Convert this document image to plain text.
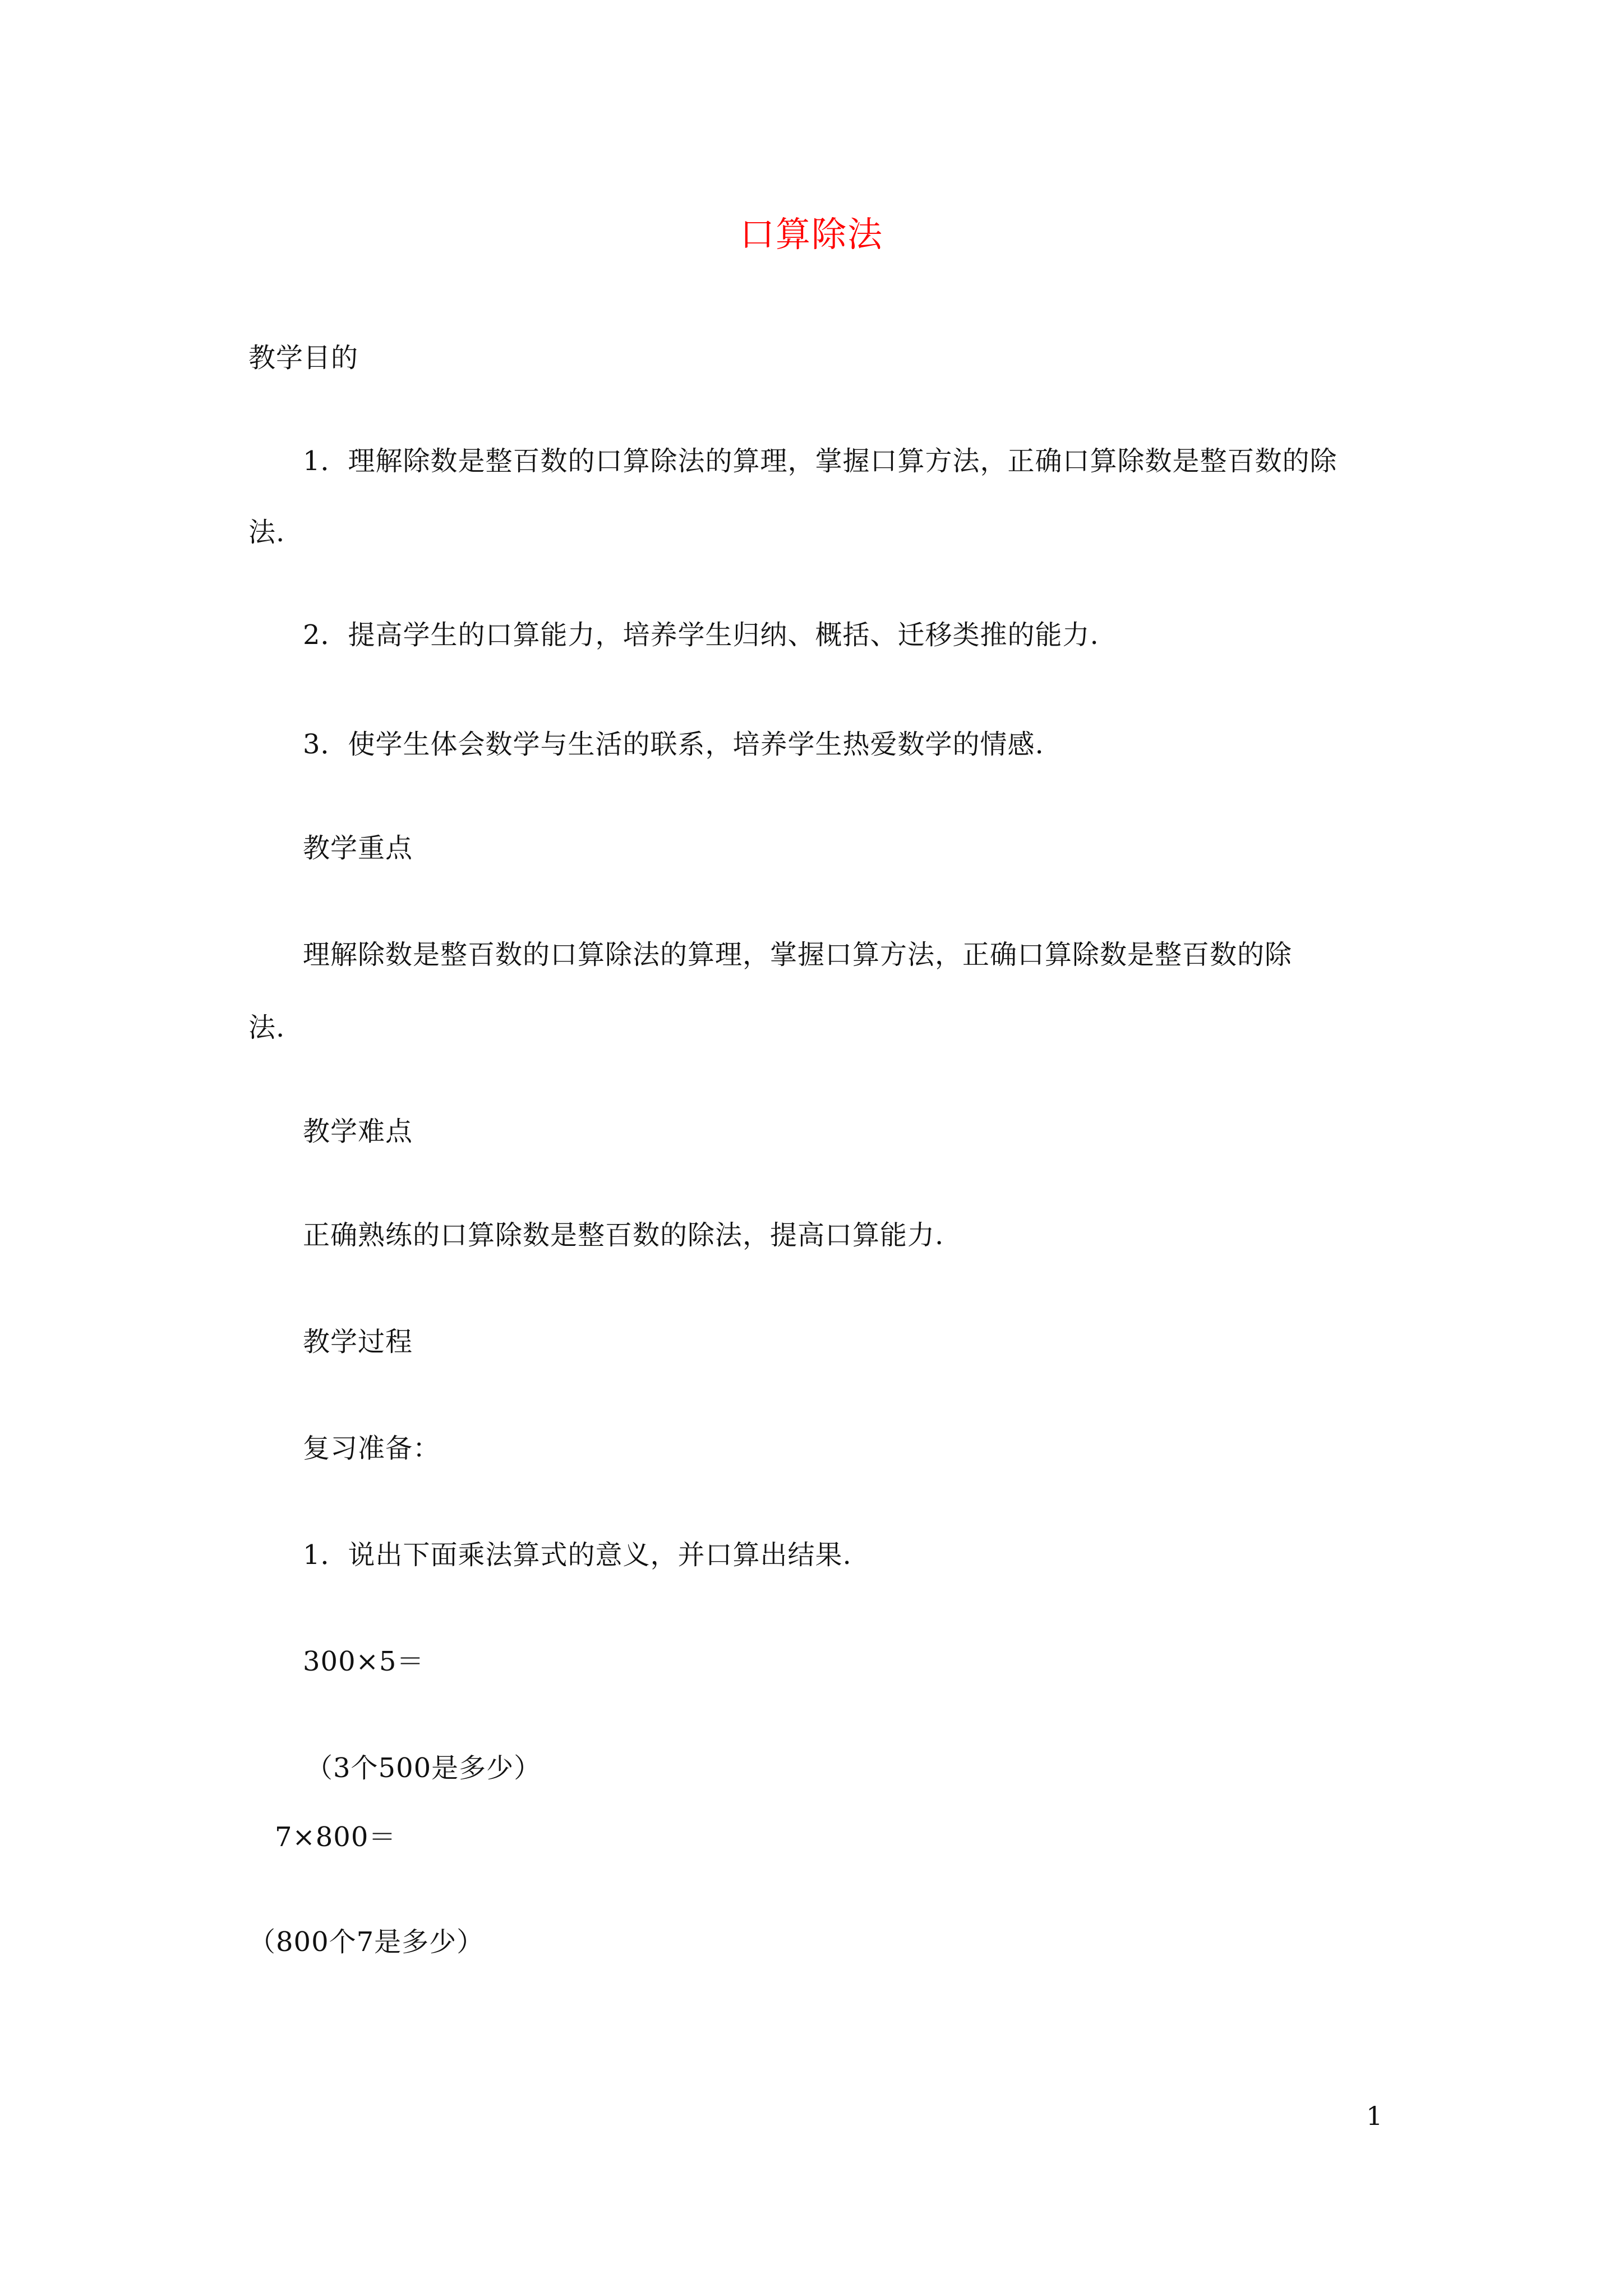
口算除法
教学目的
1．理解除数是整百数的口算除法的算理，掌握口算方法，正确口算除数是整百数的除
法.
2．提高学生的口算能力，培养学生归纳、概括、迁移类推的能力.
3．使学生体会数学与生活的联系，培养学生热爱数学的情感.
教学重点
理解除数是整百数的口算除法的算理，掌握口算方法，正确口算除数是整百数的除
法.
教学难点
正确熟练的口算除数是整百数的除法，提高口算能力.
教学过程
复习准备：
1．说出下面乘法算式的意义，并口算出结果.
300×5＝
（3个500是多少）
7×800＝
（800个7是多少）
1
